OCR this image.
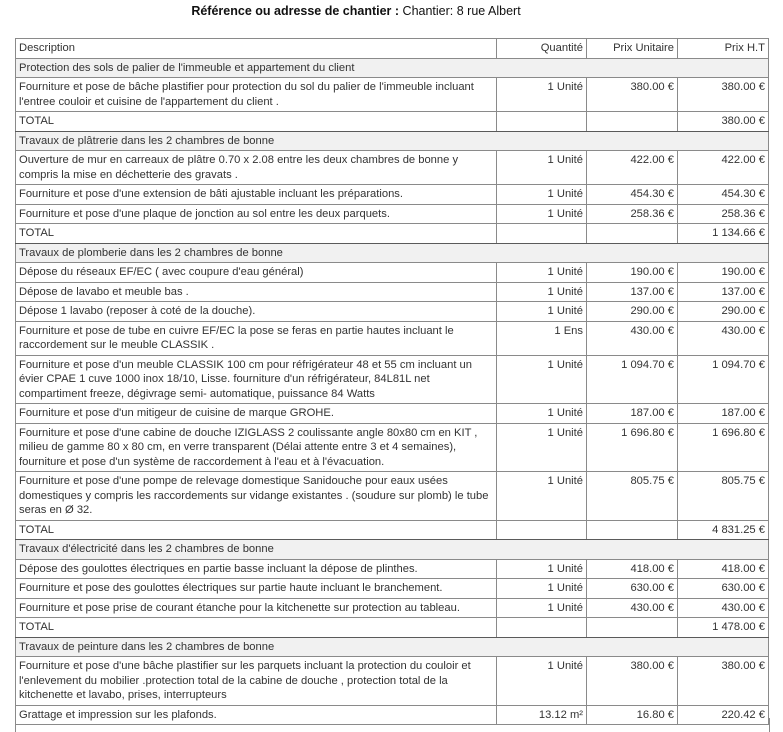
Référence ou adresse de chantier : Chantier: 8 rue Albert
Description	Quantité	Prix Unitaire	Prix H.T
Protection des sols de palier de l'immeuble et appartement du client			
Fourniture et pose de bâche plastifier pour protection du sol du palier de l'immeuble incluant l'entree couloir et cuisine de l'appartement du client .	1 Unité	380.00 €	380.00 €
TOTAL			380.00 €
Travaux de plâtrerie dans les 2 chambres de bonne			
Ouverture de mur en carreaux de plâtre 0.70 x 2.08 entre les deux chambres de bonne y compris la mise en déchetterie des gravats .	1 Unité	422.00 €	422.00 €
Fourniture et pose d'une extension de bâti ajustable incluant les préparations.	1 Unité	454.30 €	454.30 €
Fourniture et pose d'une plaque de jonction au sol entre les deux parquets.	1 Unité	258.36 €	258.36 €
TOTAL			1 134.66 €
Travaux de plomberie dans les 2 chambres de bonne			
Dépose du réseaux EF/EC ( avec coupure d'eau général)	1 Unité	190.00 €	190.00 €
Dépose de lavabo et meuble bas .	1 Unité	137.00 €	137.00 €
Dépose 1 lavabo (reposer à coté de la douche).	1 Unité	290.00 €	290.00 €
Fourniture et pose de tube en cuivre EF/EC la pose se feras en partie hautes incluant le raccordement sur le meuble CLASSIK .	1 Ens	430.00 €	430.00 €
Fourniture et pose d'un meuble CLASSIK 100 cm pour réfrigérateur 48 et 55 cm incluant un évier CPAE 1 cuve 1000 inox 18/10, Lisse. fourniture d'un réfrigérateur, 84L81L net compartiment freeze, dégivrage semi- automatique, puissance 84 Watts	1 Unité	1 094.70 €	1 094.70 €
Fourniture et pose d'un mitigeur de cuisine de marque GROHE.	1 Unité	187.00 €	187.00 €
Fourniture et pose d'une cabine de douche IZIGLASS 2 coulissante angle 80x80 cm en KIT , milieu de gamme 80 x 80 cm, en verre transparent (Délai attente entre 3 et 4 semaines), fourniture et pose d'un système de raccordement à l'eau et à l'évacuation.	1 Unité	1 696.80 €	1 696.80 €
Fourniture et pose d'une pompe de relevage domestique Sanidouche pour eaux usées domestiques y compris les raccordements sur vidange existantes . (soudure sur plomb) le tube seras en Ø 32.	1 Unité	805.75 €	805.75 €
TOTAL			4 831.25 €
Travaux d'électricité dans les 2 chambres de bonne			
Dépose des goulottes électriques en partie basse incluant la dépose de plinthes.	1 Unité	418.00 €	418.00 €
Fourniture et pose des goulottes électriques sur partie haute incluant le branchement.	1 Unité	630.00 €	630.00 €
Fourniture et pose prise de courant étanche pour la kitchenette sur protection au tableau.	1 Unité	430.00 €	430.00 €
TOTAL			1 478.00 €
Travaux de peinture dans les 2 chambres de bonne			
Fourniture et pose d'une bâche plastifier sur les parquets incluant la protection du couloir et l'enlevement du mobilier .protection total de la cabine de douche , protection total de la kitchenette et lavabo, prises, interrupteurs	1 Unité	380.00 €	380.00 €
Grattage et impression sur les plafonds.	13.12 m²	16.80 €	220.42 €
